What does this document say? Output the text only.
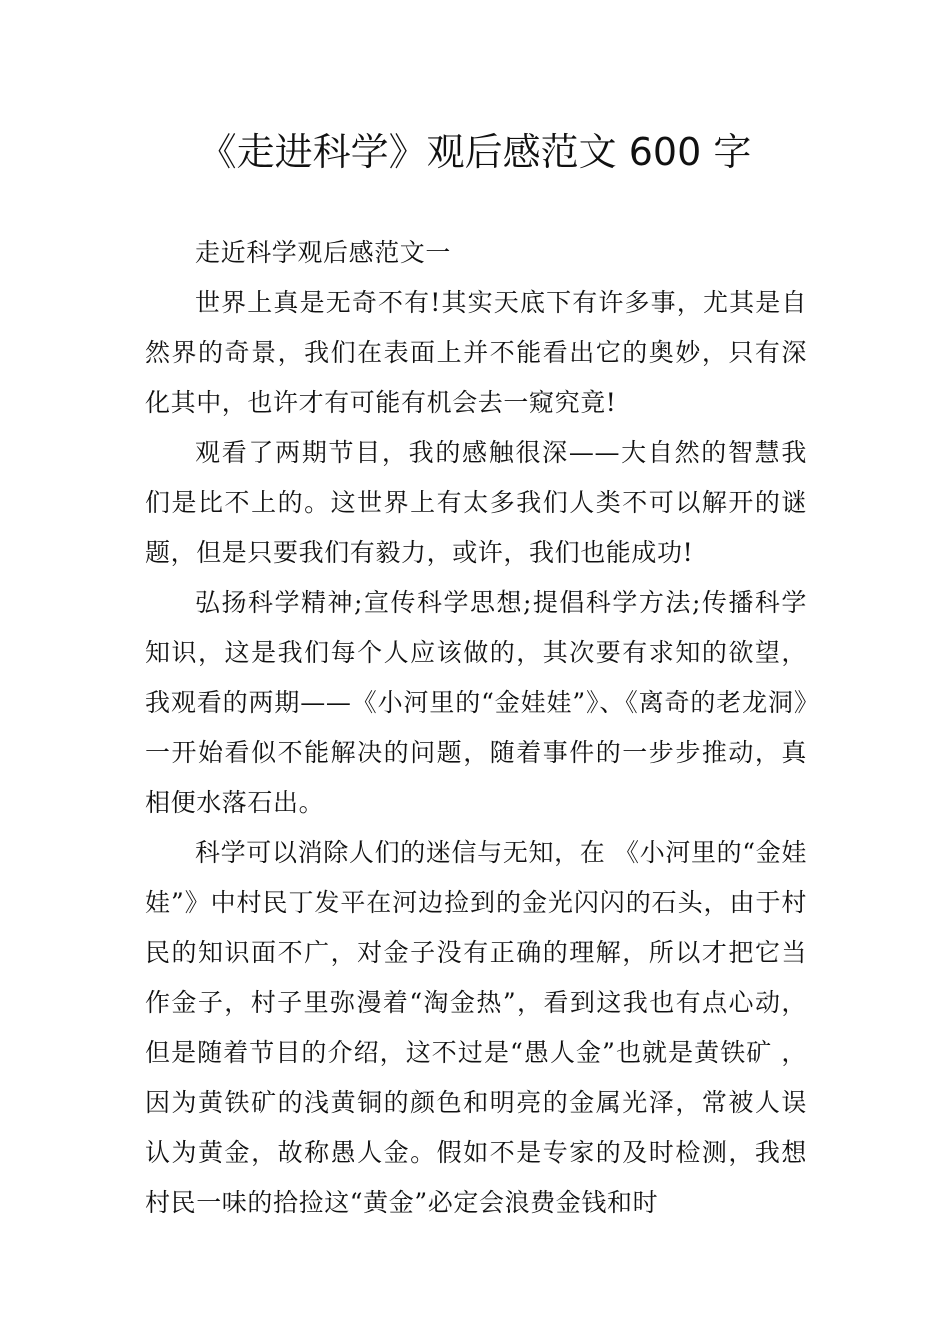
《走进科学》观后感范文 600 字

走近科学观后感范文一

世界上真是无奇不有!其实天底下有许多事，尤其是自然界的奇景，我们在表面上并不能看出它的奥妙，只有深化其中，也许才有可能有机会去一窥究竟!

观看了两期节目，我的感触很深——大自然的智慧我们是比不上的。这世界上有太多我们人类不可以解开的谜题，但是只要我们有毅力，或许，我们也能成功!

弘扬科学精神;宣传科学思想;提倡科学方法;传播科学知识，这是我们每个人应该做的，其次要有求知的欲望，我观看的两期——《小河里的“金娃娃”》、《离奇的老龙洞》一开始看似不能解决的问题，随着事件的一步步推动，真相便水落石出。

科学可以消除人们的迷信与无知，在 《小河里的“金娃娃”》中村民丁发平在河边捡到的金光闪闪的石头，由于村民的知识面不广，对金子没有正确的理解，所以才把它当作金子，村子里弥漫着“淘金热”，看到这我也有点心动，但是随着节目的介绍，这不过是“愚人金”也就是黄铁矿 ，因为黄铁矿的浅黄铜的颜色和明亮的金属光泽，常被人误认为黄金，故称愚人金。假如不是专家的及时检测，我想村民一味的拾捡这“黄金”必定会浪费金钱和时
